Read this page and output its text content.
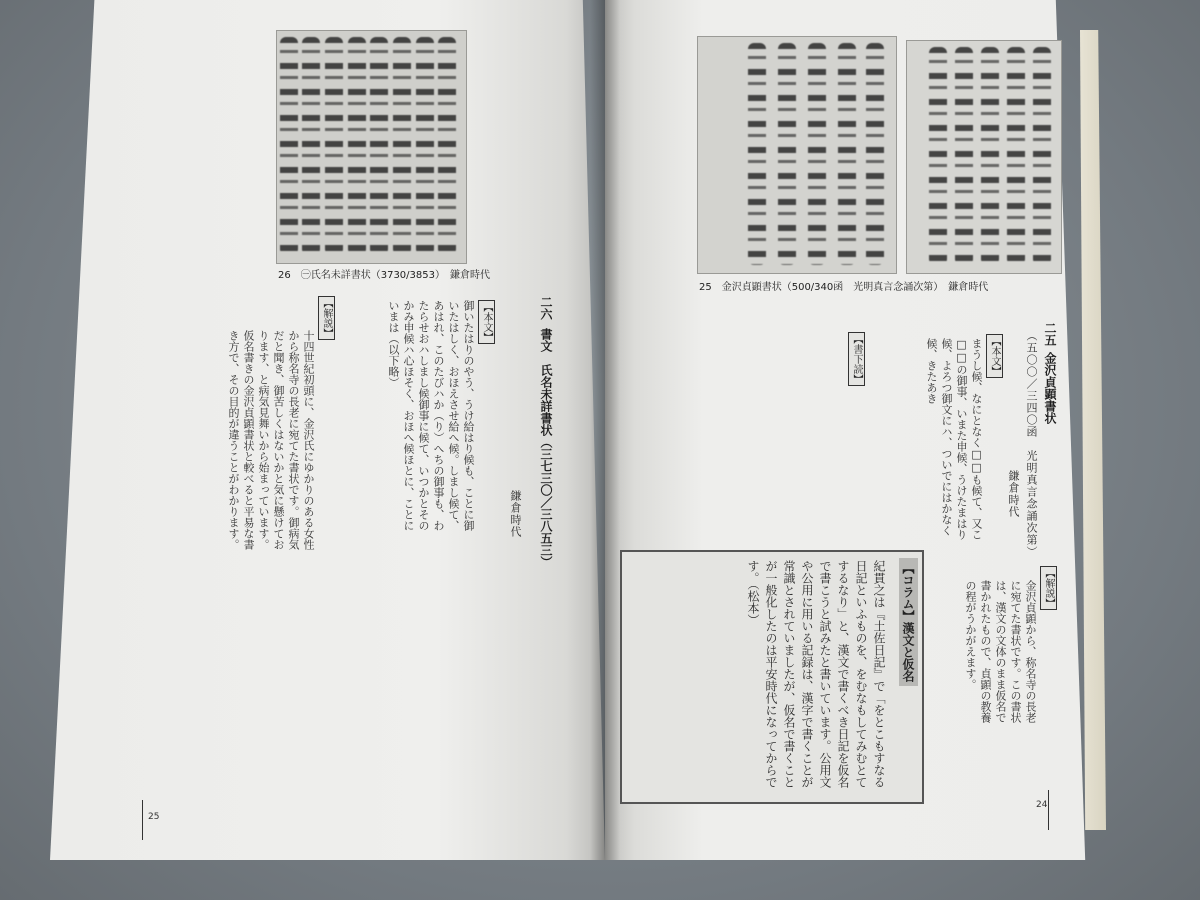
26　㊀氏名未詳書状（3730/3853）　鎌倉時代
二六
書文　氏名未詳書状（三七三〇／三八五三）
鎌倉時代
【本文】
御いたはりのやう、うけ給はり候も、ことに御いたはしく、おほえさせ給へ候。しまし候て、あはれ、このたびハか（り）へちの御事も、わたらせおハしまし候御事に候て、いつかとそのかみ申候ハ心ほそく、おほへ候ほとに、ことにいまは（以下略）
【解説】
十四世紀初頭に、金沢氏にゆかりのある女性から称名寺の長老に宛てた書状です。御病気だと聞き、御苦しくはないかと気に懸けております、と病気見舞いから始まっています。仮名書きの金沢貞顕書状と較べると平易な書き方で、その目的が違うことがわかります。
25
25　金沢貞顕書状（500/340函　光明真言念誦次第）　鎌倉時代
二五
金沢貞顕書状
（五〇〇／三四〇函　光明真言念誦次第）
鎌倉時代
【本文】
まうし候、なにとなく□□も候て、又こ□□の御事、いまた申候、うけたまはり候、よろつ御文にハ、ついでにはかなく候、きたあき
【書下読】
【解説】
金沢貞顕から、称名寺の長老に宛てた書状です。この書状は、漢文の文体のまま仮名で書かれたもので、貞顕の教養の程がうかがえます。
【コラム】漢文と仮名
紀貫之は『土佐日記』で「をとこもすなる日記といふものを、をむなもしてみむとてするなり」と、漢文で書くべき日記を仮名で書こうと試みたと書いています。公用文や公用に用いる記録は、漢字で書くことが常識とされていましたが、仮名で書くことが一般化したのは平安時代になってからです。（松本）
24
